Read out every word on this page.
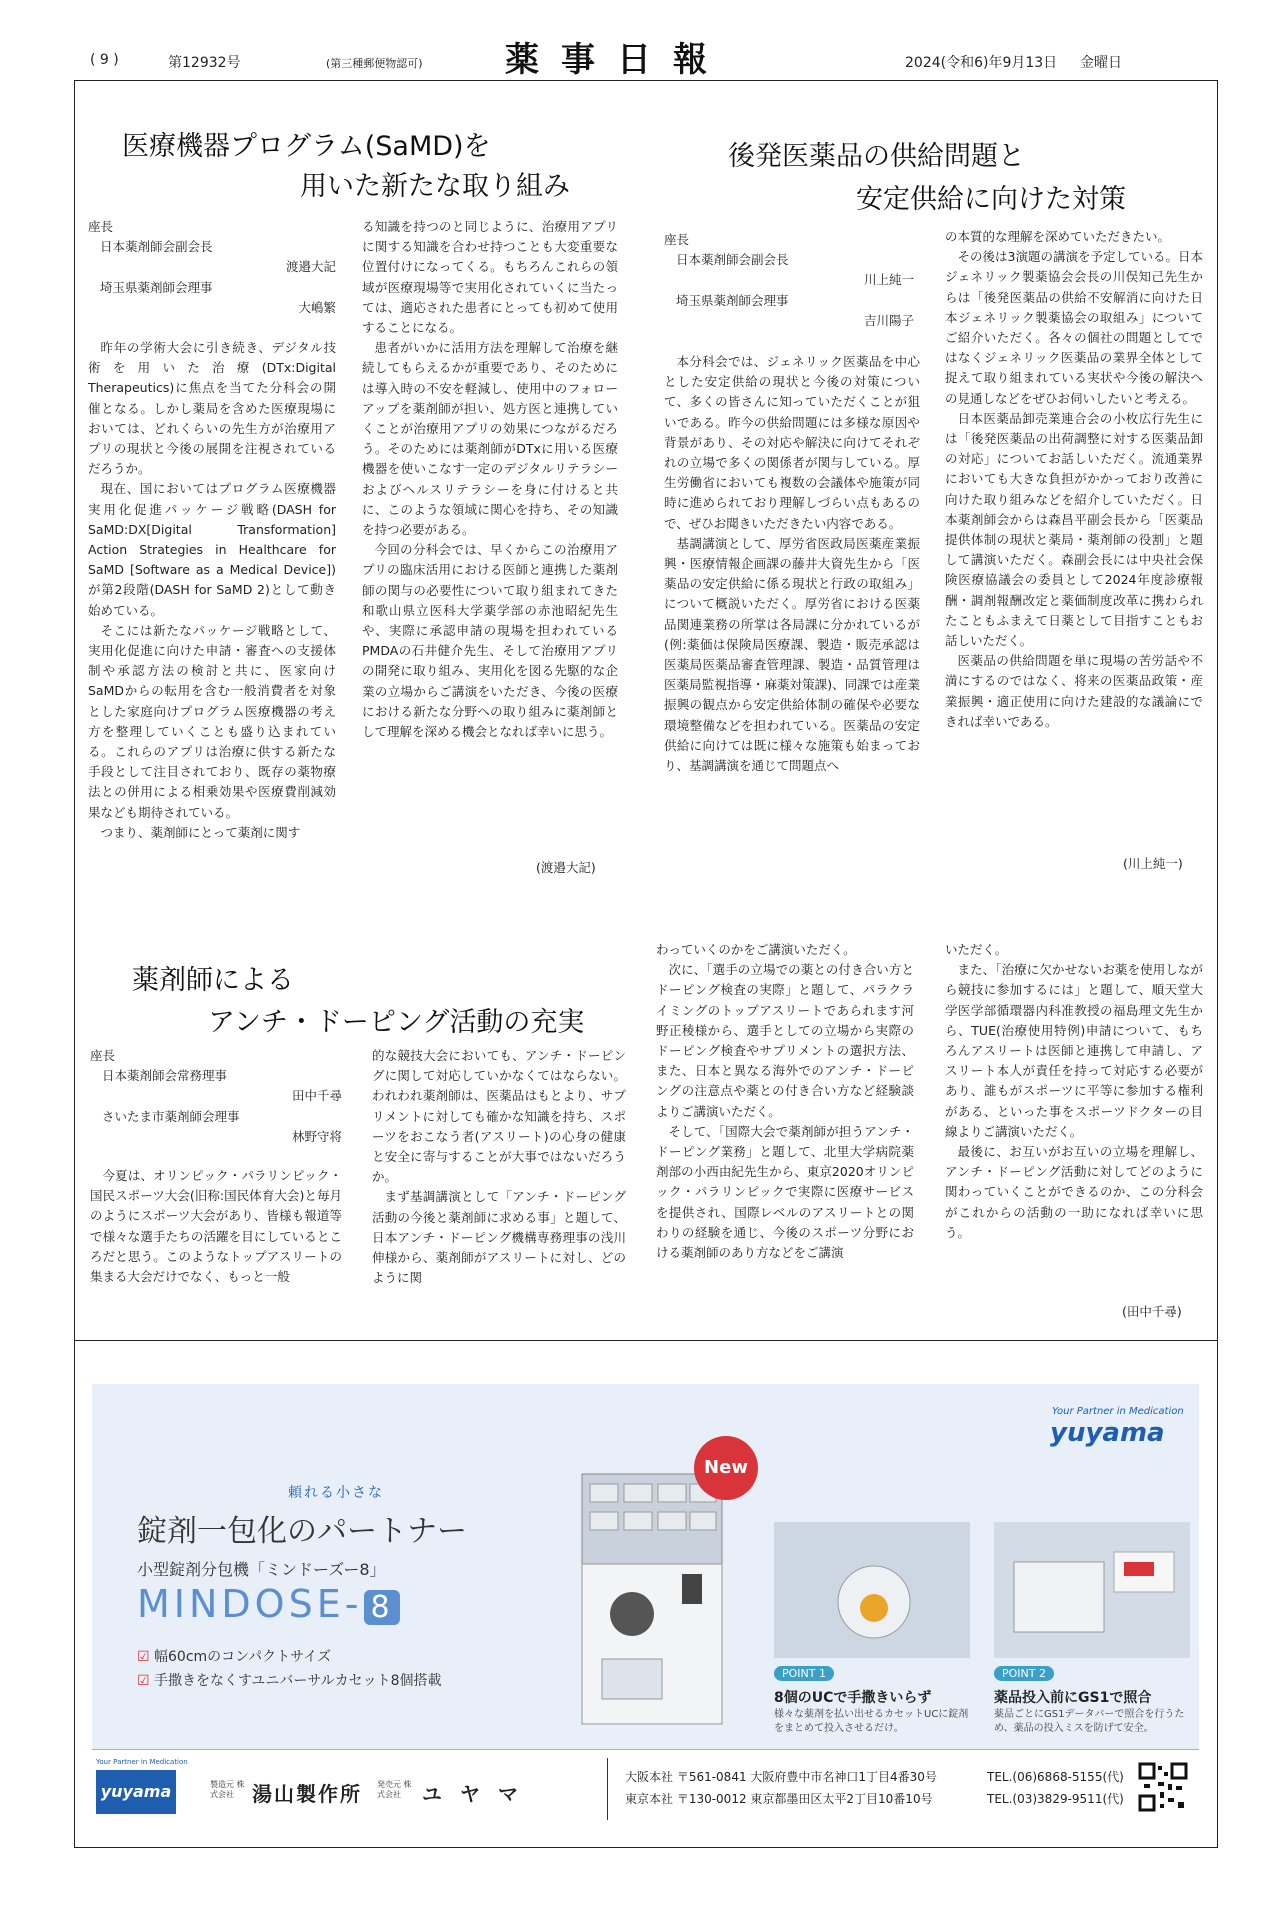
( 9 )	第12932号	(第三種郵便物認可) 薬事日報	2024(令和6)年9月13日 金曜日
医療機器プログラム(SaMD)を
用いた新たな取り組み
座長
日本薬剤師会副会長
渡邉大記
埼玉県薬剤師会理事
大嶋繁

昨年の学術大会に引き続き、デジタル技術を用いた治療(DTx:Digital Therapeutics)に焦点を当てた分科会の開催となる。しかし薬局を含めた医療現場においては、どれくらいの先生方が治療用アプリの現状と今後の展開を注視されているだろうか。

現在、国においてはプログラム医療機器実用化促進パッケージ戦略(DASH for SaMD:DX[Digital Transformation] Action Strategies in Healthcare for SaMD [Software as a Medical Device])が第2段階(DASH for SaMD 2)として動き始めている。

そこには新たなパッケージ戦略として、実用化促進に向けた申請・審査への支援体制や承認方法の検討と共に、医家向けSaMDからの転用を含む一般消費者を対象とした家庭向けプログラム医療機器の考え方を整理していくことも盛り込まれている。これらのアプリは治療に供する新たな手段として注目されており、既存の薬物療法との併用による相乗効果や医療費削減効果なども期待されている。

つまり、薬剤師にとって薬剤に関す

る知識を持つのと同じように、治療用アプリに関する知識を合わせ持つことも大変重要な位置付けになってくる。もちろんこれらの領域が医療現場等で実用化されていくに当たっては、適応された患者にとっても初めて使用することになる。

患者がいかに活用方法を理解して治療を継続してもらえるかが重要であり、そのためには導入時の不安を軽減し、使用中のフォローアップを薬剤師が担い、処方医と連携していくことが治療用アプリの効果につながるだろう。そのためには薬剤師がDTxに用いる医療機器を使いこなす一定のデジタルリテラシーおよびヘルスリテラシーを身に付けると共に、このような領域に関心を持ち、その知識を持つ必要がある。

今回の分科会では、早くからこの治療用アプリの臨床活用における医師と連携した薬剤師の関与の必要性について取り組まれてきた和歌山県立医科大学薬学部の赤池昭紀先生や、実際に承認申請の現場を担われているPMDAの石井健介先生、そして治療用アプリの開発に取り組み、実用化を図る先駆的な企業の立場からご講演をいただき、今後の医療における新たな分野への取り組みに薬剤師として理解を深める機会となれば幸いに思う。

(渡邉大記)
後発医薬品の供給問題と
安定供給に向けた対策
座長
日本薬剤師会副会長
川上純一
埼玉県薬剤師会理事
吉川陽子

本分科会では、ジェネリック医薬品を中心とした安定供給の現状と今後の対策について、多くの皆さんに知っていただくことが狙いである。昨今の供給問題には多様な原因や背景があり、その対応や解決に向けてそれぞれの立場で多くの関係者が関与している。厚生労働省においても複数の会議体や施策が同時に進められており理解しづらい点もあるので、ぜひお聞きいただきたい内容である。

基調講演として、厚労省医政局医薬産業振興・医療情報企画課の藤井大資先生から「医薬品の安定供給に係る現状と行政の取組み」について概説いただく。厚労省における医薬品関連業務の所掌は各局課に分かれているが(例:薬価は保険局医療課、製造・販売承認は医薬局医薬品審査管理課、製造・品質管理は医薬局監視指導・麻薬対策課)、同課では産業振興の観点から安定供給体制の確保や必要な環境整備などを担われている。医薬品の安定供給に向けては既に様々な施策も始まっており、基調講演を通じて問題点へ

の本質的な理解を深めていただきたい。

その後は3演題の講演を予定している。日本ジェネリック製薬協会会長の川俣知己先生からは「後発医薬品の供給不安解消に向けた日本ジェネリック製薬協会の取組み」についてご紹介いただく。各々の個社の問題としてではなくジェネリック医薬品の業界全体として捉えて取り組まれている実状や今後の解決への見通しなどをぜひお伺いしたいと考える。

日本医薬品卸売業連合会の小枚広行先生には「後発医薬品の出荷調整に対する医薬品卸の対応」についてお話しいただく。流通業界においても大きな負担がかかっており改善に向けた取り組みなどを紹介していただく。日本薬剤師会からは森昌平副会長から「医薬品提供体制の現状と薬局・薬剤師の役割」と題して講演いただく。森副会長には中央社会保険医療協議会の委員として2024年度診療報酬・調剤報酬改定と薬価制度改革に携わられたこともふまえて日薬として目指すこともお話しいただく。

医薬品の供給問題を単に現場の苦労話や不満にするのではなく、将来の医薬品政策・産業振興・適正使用に向けた建設的な議論にできれば幸いである。

(川上純一)
薬剤師による
アンチ・ドーピング活動の充実
座長
日本薬剤師会常務理事
田中千尋
さいたま市薬剤師会理事
林野守将

今夏は、オリンピック・パラリンピック・国民スポーツ大会(旧称:国民体育大会)と毎月のようにスポーツ大会があり、皆様も報道等で様々な選手たちの活躍を目にしているところだと思う。このようなトップアスリートの集まる大会だけでなく、もっと一般

的な競技大会においても、アンチ・ドーピングに関して対応していかなくてはならない。われわれ薬剤師は、医薬品はもとより、サプリメントに対しても確かな知識を持ち、スポーツをおこなう者(アスリート)の心身の健康と安全に寄与することが大事ではないだろうか。

まず基調講演として「アンチ・ドーピング活動の今後と薬剤師に求める事」と題して、日本アンチ・ドーピング機構専務理事の浅川伸様から、薬剤師がアスリートに対し、どのように関

わっていくのかをご講演いただく。

次に、「選手の立場での薬との付き合い方とドーピング検査の実際」と題して、パラクライミングのトップアスリートであられます河野正稜様から、選手としての立場から実際のドーピング検査やサプリメントの選択方法、また、日本と異なる海外でのアンチ・ドーピングの注意点や薬との付き合い方など経験談よりご講演いただく。

そして、「国際大会で薬剤師が担うアンチ・ドーピング業務」と題して、北里大学病院薬剤部の小西由紀先生から、東京2020オリンピック・パラリンピックで実際に医療サービスを提供され、国際レベルのアスリートとの関わりの経験を通じ、今後のスポーツ分野における薬剤師のあり方などをご講演

いただく。

また、「治療に欠かせないお薬を使用しながら競技に参加するには」と題して、順天堂大学医学部循環器内科准教授の福島理文先生から、TUE(治療使用特例)申請について、もちろんアスリートは医師と連携して申請し、アスリート本人が責任を持って対応する必要があり、誰もがスポーツに平等に参加する権利がある、といった事をスポーツドクターの目線よりご講演いただく。

最後に、お互いがお互いの立場を理解し、アンチ・ドーピング活動に対してどのように関わっていくことができるのか、この分科会がこれからの活動の一助になれば幸いに思う。

(田中千尋)
Your Partner in Medication
yuyama
頼れる小さな
錠剤一包化のパートナー
小型錠剤分包機「ミンドーズー8」
MINDOSE- 8
☑ 幅60cmのコンパクトサイズ
☑ 手撒きをなくすユニバーサルカセット8個搭載
New
POINT 1
8個のUCで手撒きいらず
様々な薬剤を払い出せるカセットUCに錠剤をまとめて投入させるだけ。
POINT 2
薬品投入前にGS1で照合
薬品ごとにGS1データバーで照合を行うため、薬品の投入ミスを防げて安全。
Your Partner in Medication
yuyama	製造元 株式会社 湯山製作所 発売元 株式会社	ユヤマ
大阪本社 〒561-0841 大阪府豊中市名神口1丁目4番30号	TEL.(06)6868-5155(代)
東京本社 〒130-0012 東京都墨田区太平2丁目10番10号	TEL.(03)3829-9511(代)
